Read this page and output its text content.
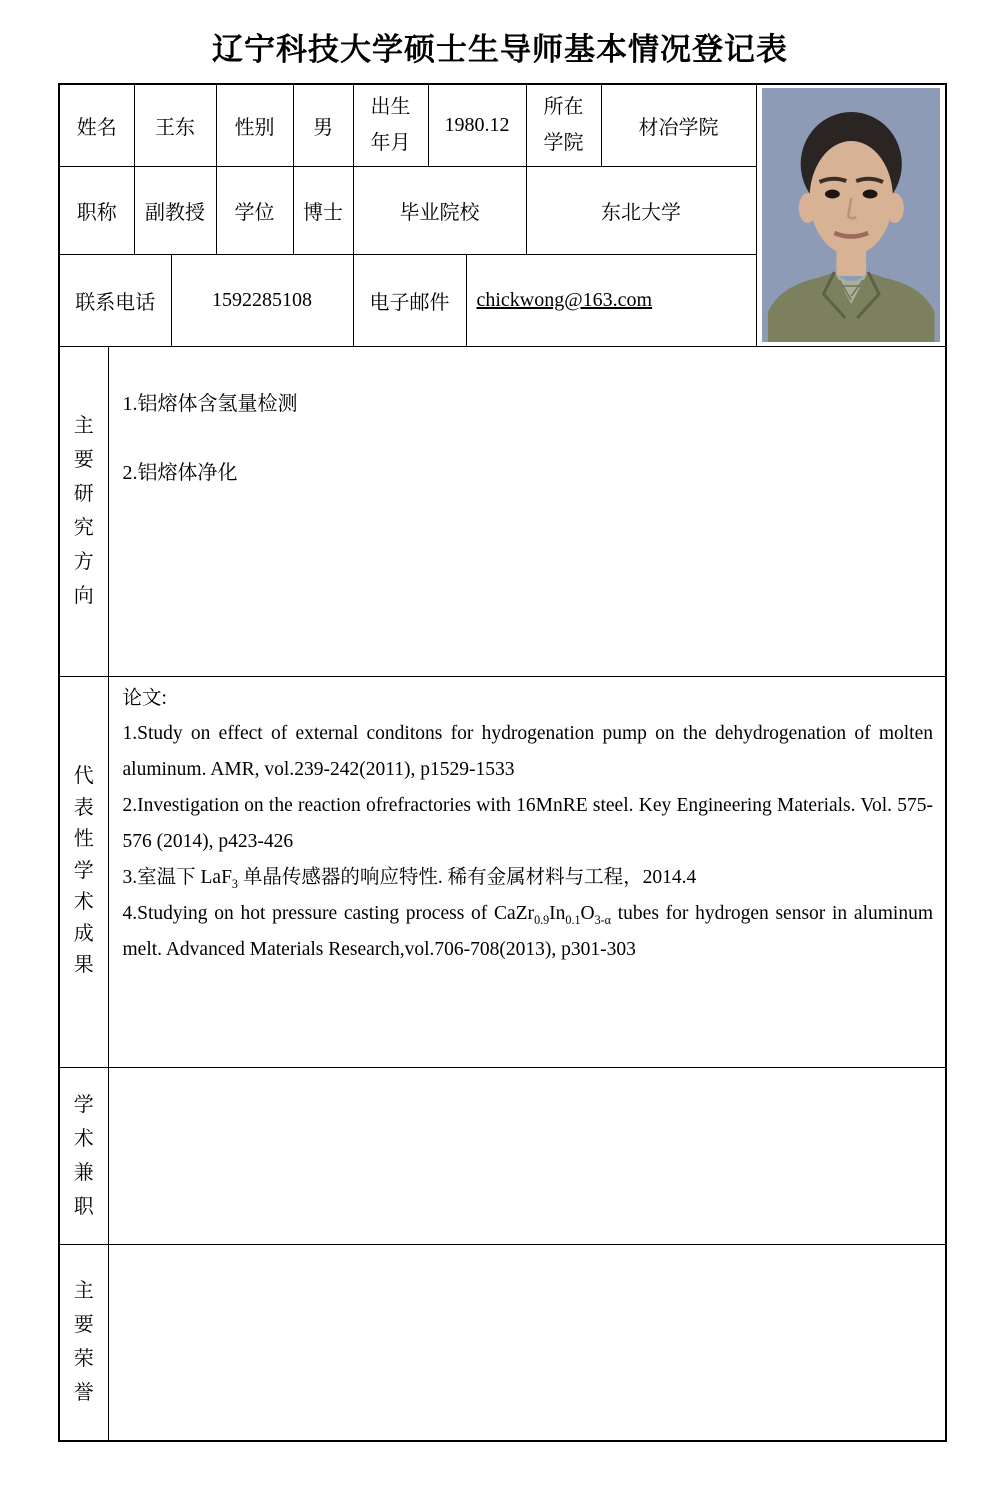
辽宁科技大学硕士生导师基本情况登记表
姓名		王东		性别	男	出生年月	1980.12		所在学院	材冶学院	

职称		副教授		学位	博士	毕业院校			东北大学		
联系电话			1592285108			电子邮件		chickwong@163.com			
主要研究方向	1.铝熔体含氢量检测

2.铝熔体净化										

代表性学术成果	论文:

1.Study on effect of external conditons for hydrogenation pump on the dehydrogenation of molten aluminum. AMR, vol.239-242(2011), p1529-1533

2.Investigation on the reaction ofrefractories with 16MnRE steel. Key Engineering Materials. Vol. 575- 576 (2014), p423-426

3.室温下 LaF$_3$ 单晶传感器的响应特性. 稀有金属材料与工程，2014.4

4.Studying on hot pressure casting process of $CaZr_{0.9}In_{0.1}O_{3-\alpha}$ tubes for hydrogen sensor in aluminum melt. Advanced Materials Research,vol.706-708(2013), p301-303										

学术兼职											
主要荣誉											
